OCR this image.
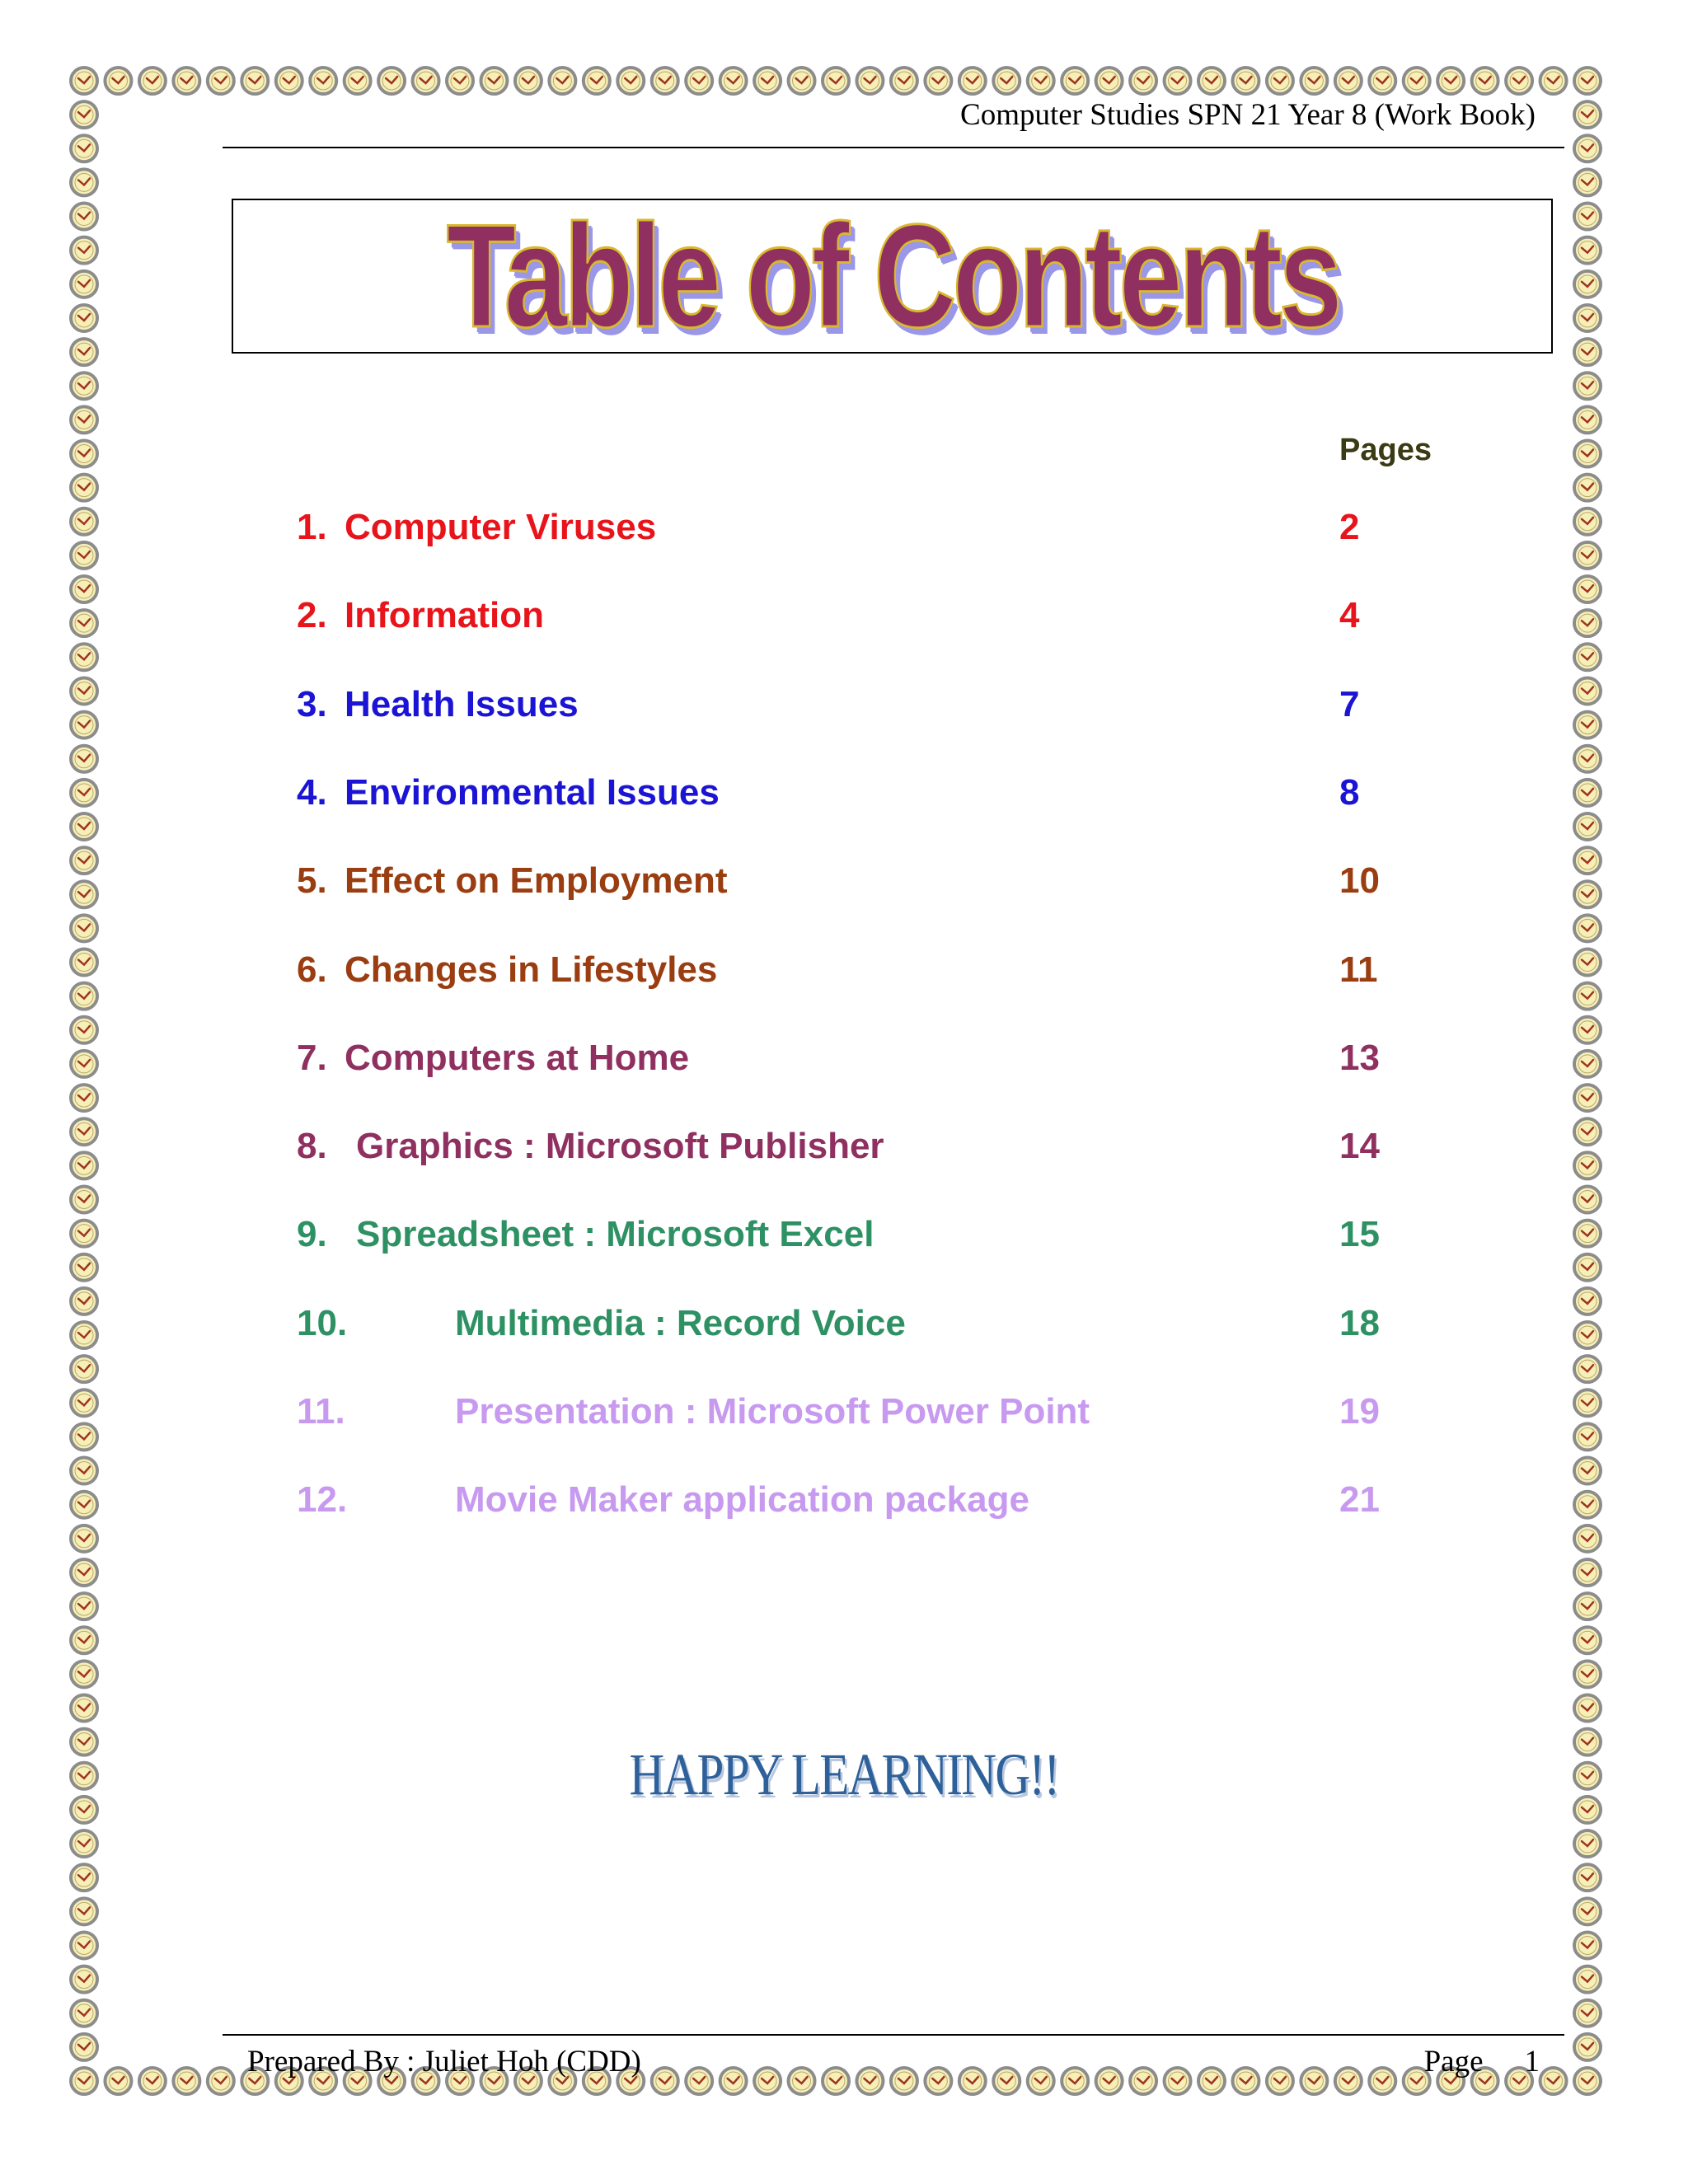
Computer Studies SPN 21 Year 8 (Work Book)
Table of Contents
Pages
1. Computer Viruses	2
2. Information	4
3. Health Issues	7
4. Environmental Issues	8
5. Effect on Employment	10
6. Changes in Lifestyles	11
7. Computers at Home	13
8. Graphics : Microsoft Publisher	14
9. Spreadsheet : Microsoft Excel	15
10.	Multimedia : Record Voice	18
11.	Presentation : Microsoft Power Point	19
12.	Movie Maker application package	21
HAPPY LEARNING!!
Prepared By : Juliet Hoh (CDD)	Page 1
